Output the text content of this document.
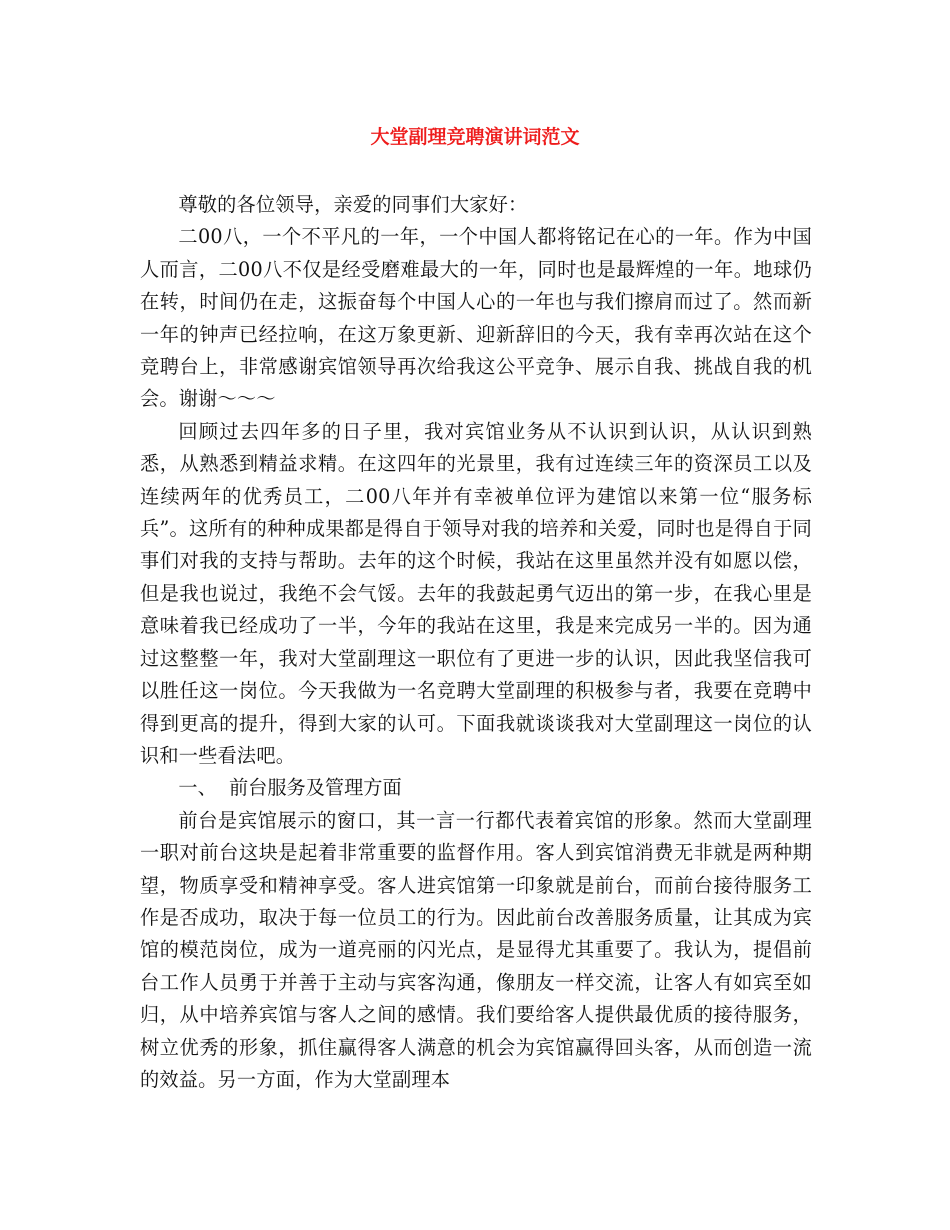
大堂副理竞聘演讲词范文

尊敬的各位领导，亲爱的同事们大家好：

二00八，一个不平凡的一年，一个中国人都将铭记在心的一年。作为中国人而言，二00八不仅是经受磨难最大的一年，同时也是最辉煌的一年。地球仍在转，时间仍在走，这振奋每个中国人心的一年也与我们擦肩而过了。然而新一年的钟声已经拉响，在这万象更新、迎新辞旧的今天，我有幸再次站在这个竞聘台上，非常感谢宾馆领导再次给我这公平竞争、展示自我、挑战自我的机会。谢谢～～～

回顾过去四年多的日子里，我对宾馆业务从不认识到认识，从认识到熟悉，从熟悉到精益求精。在这四年的光景里，我有过连续三年的资深员工以及连续两年的优秀员工，二00八年并有幸被单位评为建馆以来第一位“服务标兵”。这所有的种种成果都是得自于领导对我的培养和关爱，同时也是得自于同事们对我的支持与帮助。去年的这个时候，我站在这里虽然并没有如愿以偿，但是我也说过，我绝不会气馁。去年的我鼓起勇气迈出的第一步，在我心里是意味着我已经成功了一半，今年的我站在这里，我是来完成另一半的。因为通过这整整一年，我对大堂副理这一职位有了更进一步的认识，因此我坚信我可以胜任这一岗位。今天我做为一名竞聘大堂副理的积极参与者，我要在竞聘中得到更高的提升，得到大家的认可。下面我就谈谈我对大堂副理这一岗位的认识和一些看法吧。

一、  前台服务及管理方面

前台是宾馆展示的窗口，其一言一行都代表着宾馆的形象。然而大堂副理一职对前台这块是起着非常重要的监督作用。客人到宾馆消费无非就是两种期望，物质享受和精神享受。客人进宾馆第一印象就是前台，而前台接待服务工作是否成功，取决于每一位员工的行为。因此前台改善服务质量，让其成为宾馆的模范岗位，成为一道亮丽的闪光点，是显得尤其重要了。我认为，提倡前台工作人员勇于并善于主动与宾客沟通，像朋友一样交流，让客人有如宾至如归，从中培养宾馆与客人之间的感情。我们要给客人提供最优质的接待服务，树立优秀的形象，抓住赢得客人满意的机会为宾馆赢得回头客，从而创造一流的效益。另一方面，作为大堂副理本
